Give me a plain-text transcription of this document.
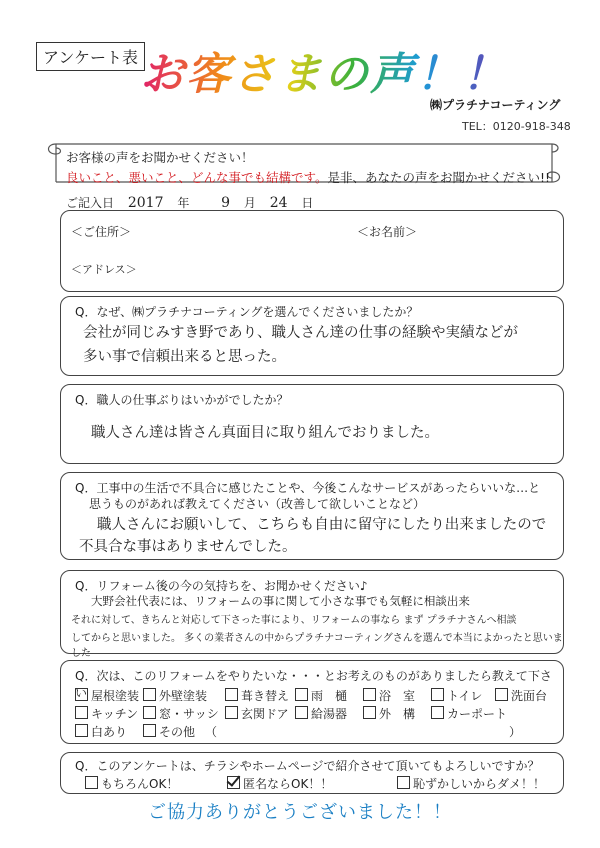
アンケート表 お客さまの声！！
㈱プラチナコーティング
TEL：0120-918-348
お客様の声をお聞かせください！
良いこと、悪いこと、どんな事でも結構です。是非、あなたの声をお聞かせください!!
ご記入日 2017 年 9 月 24 日
＜ご住所＞	＜お名前＞
＜アドレス＞
Q．なぜ、㈱プラチナコーティングを選んでくださいましたか？
会社が同じみすき野であり、職人さん達の仕事の経験や実績などが
多い事で信頼出来ると思った。
Q．職人の仕事ぶりはいかがでしたか？
職人さん達は皆さん真面目に取り組んでおりました。
Q．工事中の生活で不具合に感じたことや、今後こんなサービスがあったらいいな…と
思うものがあれば教えてください（改善して欲しいことなど）
職人さんにお願いして、こちらも自由に留守にしたり出来ましたので
不具合な事はありませんでした。
Q．リフォーム後の今の気持ちを、お聞かせください♪
大野会社代表には、リフォームの事に関して小さな事でも気軽に相談出来
それに対して、きちんと対応して下さった事により、リフォームの事なら まず プラチナさんへ相談
してからと思いました。 多くの業者さんの中からプラチナコーティングさんを選んで本当によかったと思いました
Q．次は、このリフォームをやりたいな・・・とお考えのものがありましたら教えて下さい 屋根塗装	外壁塗装	葺き替え	雨　樋	浴　室	トイレ	洗面台
キッチン	窓・サッシ	玄関ドア	給湯器	外　構	カーポート
白あり	その他 （	）
Q．このアンケートは、チラシやホームページで紹介させて頂いてもよろしいですか？
もちろんOK！	匿名ならOK！！	恥ずかしいからダメ！！
ご協力ありがとうございました！！
